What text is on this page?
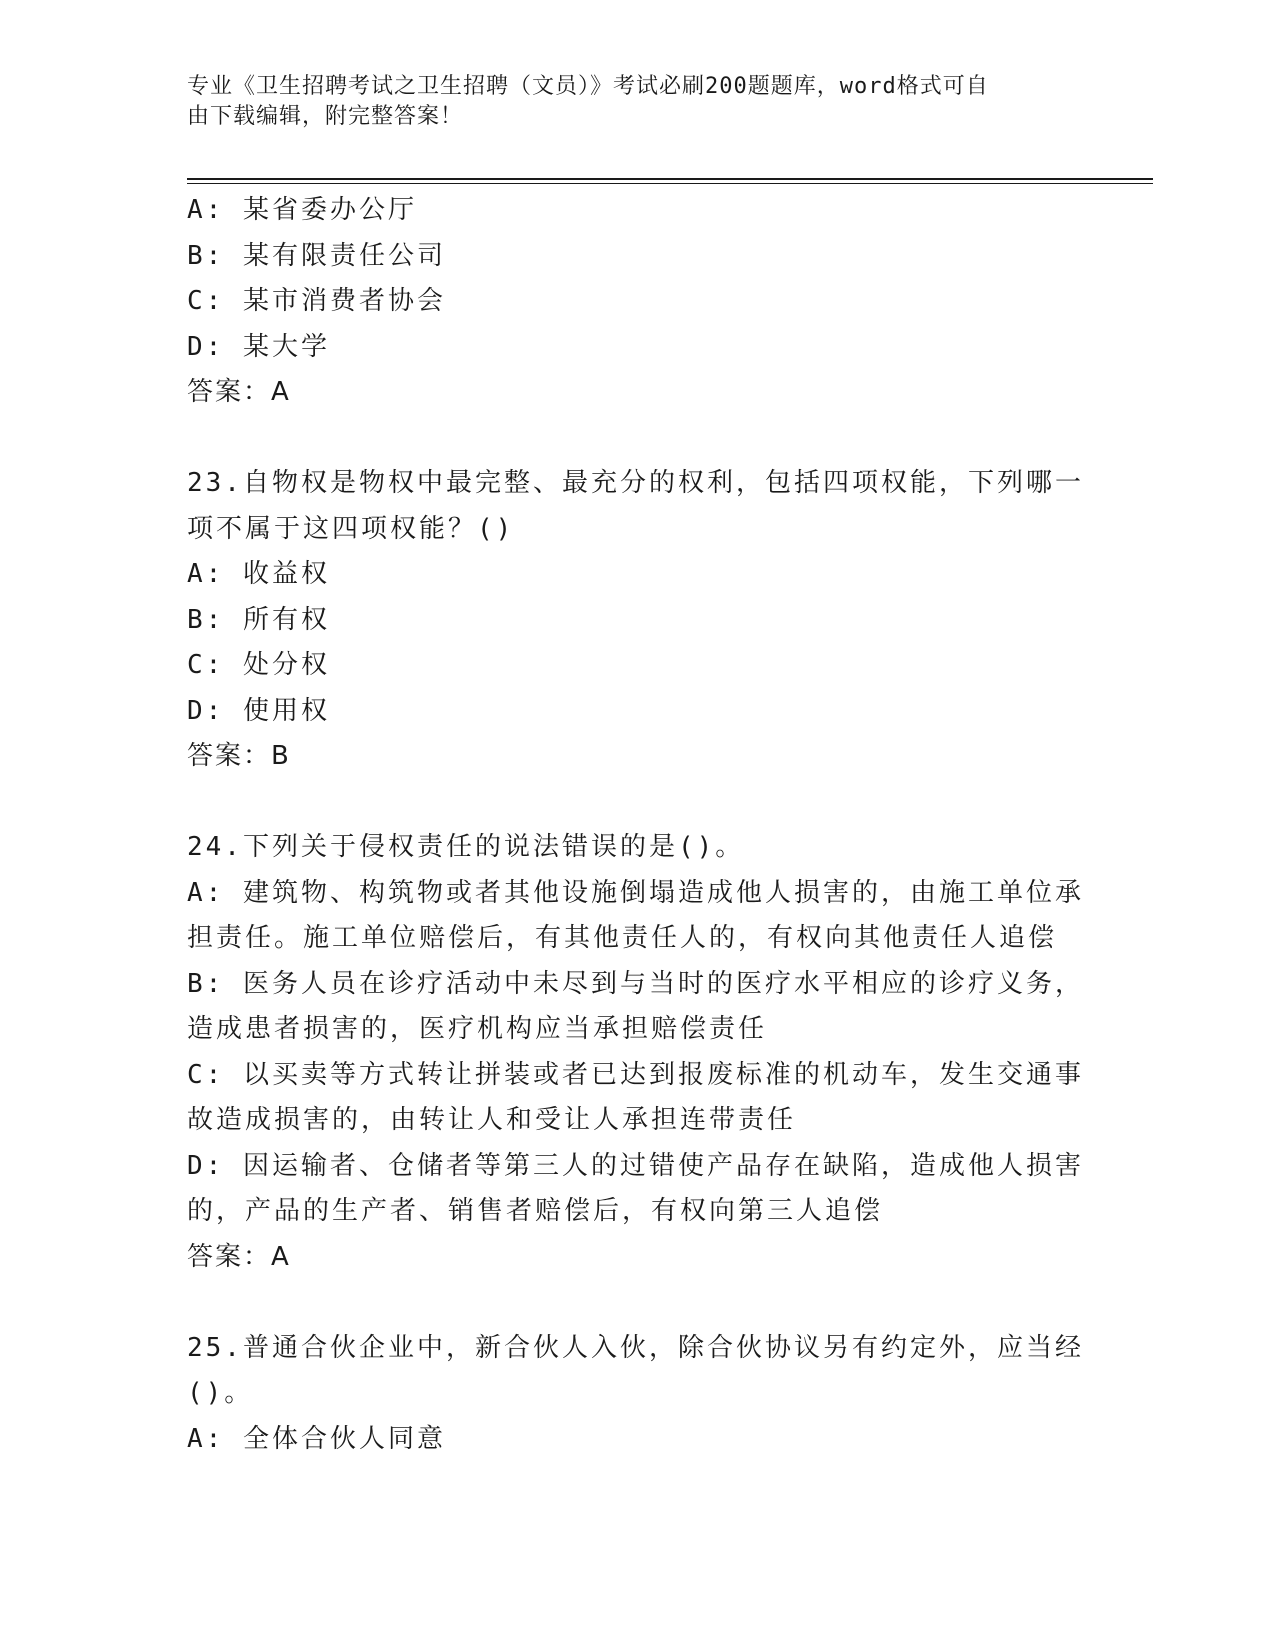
专业《卫生招聘考试之卫生招聘（文员）》考试必刷200题题库，word格式可自
由下载编辑，附完整答案！
A: 某省委办公厅
B: 某有限责任公司
C: 某市消费者协会
D: 某大学
答案：A
23.自物权是物权中最完整、最充分的权利，包括四项权能，下列哪一
项不属于这四项权能？()
A: 收益权
B: 所有权
C: 处分权
D: 使用权
答案：B
24.下列关于侵权责任的说法错误的是()。
A: 建筑物、构筑物或者其他设施倒塌造成他人损害的，由施工单位承
担责任。施工单位赔偿后，有其他责任人的，有权向其他责任人追偿
B: 医务人员在诊疗活动中未尽到与当时的医疗水平相应的诊疗义务，
造成患者损害的，医疗机构应当承担赔偿责任
C: 以买卖等方式转让拼装或者已达到报废标准的机动车，发生交通事
故造成损害的，由转让人和受让人承担连带责任
D: 因运输者、仓储者等第三人的过错使产品存在缺陷，造成他人损害
的，产品的生产者、销售者赔偿后，有权向第三人追偿
答案：A
25.普通合伙企业中，新合伙人入伙，除合伙协议另有约定外，应当经
()。
A: 全体合伙人同意
